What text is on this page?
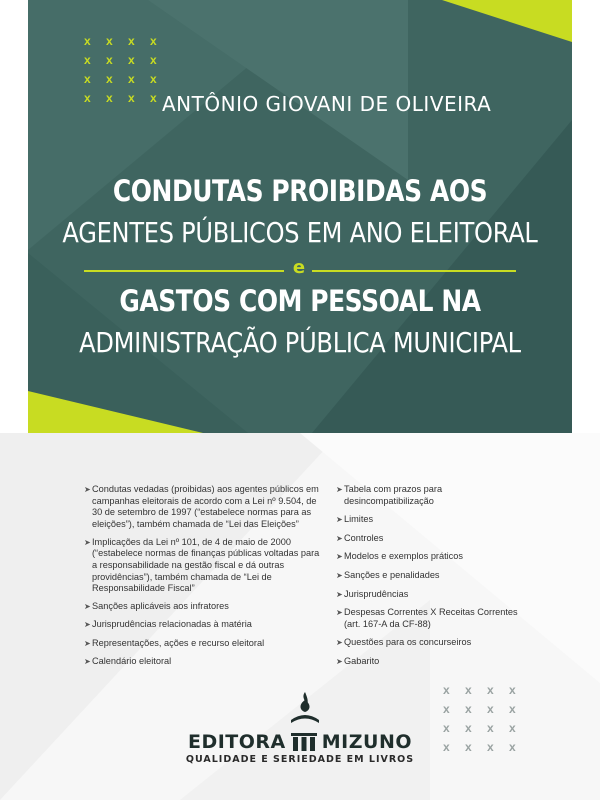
x	x	x	x
x	x	x	x
x	x	x	x
x	x	x	x ANTÔNIO GIOVANI DE OLIVEIRA
CONDUTAS PROIBIDAS AOS
AGENTES PÚBLICOS EM ANO ELEITORAL
e
GASTOS COM PESSOAL NA
ADMINISTRAÇÃO PÚBLICA MUNICIPAL
➤ Condutas vedadas (proibidas) aos agentes públicos em campanhas eleitorais de acordo com a Lei nº 9.504, de 30 de setembro de 1997 (“estabelece normas para as eleições”), também chamada de “Lei das Eleições”
➤ Implicações da Lei nº 101, de 4 de maio de 2000 (“estabelece normas de finanças públicas voltadas para a responsabilidade na gestão fiscal e dá outras providências”), também chamada de “Lei de Responsabilidade Fiscal”
➤ Sanções aplicáveis aos infratores
➤ Jurisprudências relacionadas à matéria
➤ Representações, ações e recurso eleitoral
➤ Calendário eleitoral
➤ Tabela com prazos para desincompatibilização
➤ Limites
➤ Controles
➤ Modelos e exemplos práticos
➤ Sanções e penalidades
➤ Jurisprudências
➤ Despesas Correntes X Receitas Correntes (art. 167-A da CF-88)
➤ Questões para os concurseiros
➤ Gabarito
x	x	x	x
x	x	x	x
x	x	x	x
x	x	x	x
EDITORA MIZUNO
QUALIDADE E SERIEDADE EM LIVROS
